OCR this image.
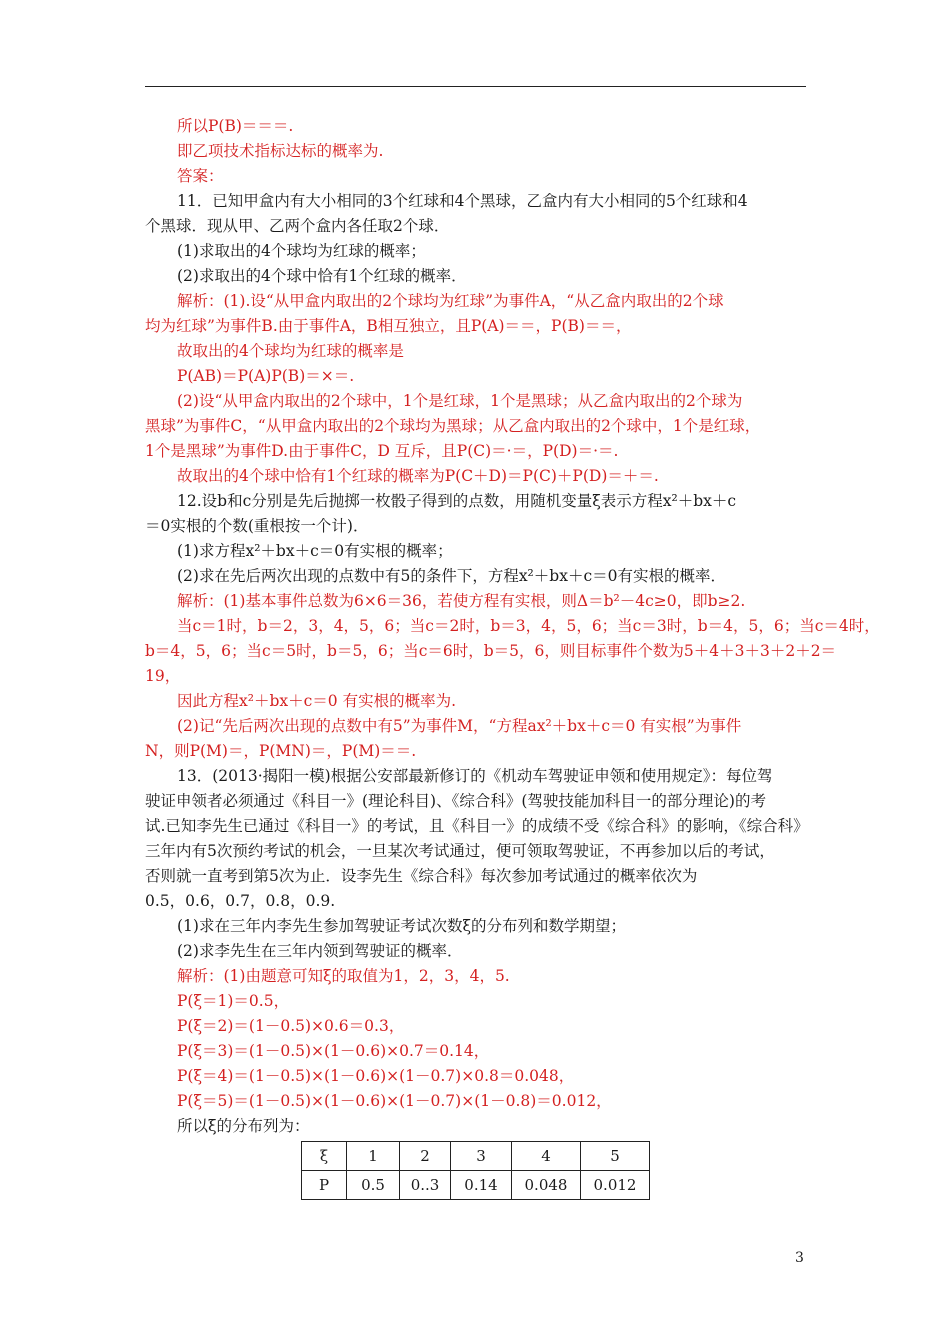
所以P(B)＝＝＝.
即乙项技术指标达标的概率为.
答案：
11．已知甲盒内有大小相同的3个红球和4个黑球，乙盒内有大小相同的5个红球和4
个黑球．现从甲、乙两个盒内各任取2个球．
(1)求取出的4个球均为红球的概率；
(2)求取出的4个球中恰有1个红球的概率．
解析：(1).设“从甲盒内取出的2个球均为红球”为事件A，“从乙盒内取出的2个球
均为红球”为事件B.由于事件A，B相互独立，且P(A)＝＝，P(B)＝＝，
故取出的4个球均为红球的概率是
P(AB)＝P(A)P(B)＝×＝.
(2)设“从甲盒内取出的2个球中，1个是红球，1个是黑球；从乙盒内取出的2个球为
黑球”为事件C，“从甲盒内取出的2个球均为黑球；从乙盒内取出的2个球中，1个是红球，
1个是黑球”为事件D.由于事件C，D 互斥，且P(C)＝·＝，P(D)＝·＝.
故取出的4个球中恰有1个红球的概率为P(C＋D)＝P(C)＋P(D)＝＋＝.
12.设b和c分别是先后抛掷一枚骰子得到的点数，用随机变量ξ表示方程x²＋bx＋c
＝0实根的个数(重根按一个计)．
(1)求方程x²＋bx＋c＝0有实根的概率；
(2)求在先后两次出现的点数中有5的条件下，方程x²＋bx＋c＝0有实根的概率．
解析：(1)基本事件总数为6×6＝36，若使方程有实根，则Δ＝b²－4c≥0，即b≥2.
当c＝1时，b＝2，3，4，5，6；当c＝2时，b＝3，4，5，6；当c＝3时，b＝4，5，6；当c＝4时，
b＝4，5，6；当c＝5时，b＝5，6；当c＝6时，b＝5，6，则目标事件个数为5＋4＋3＋3＋2＋2＝
19，
因此方程x²＋bx＋c＝0 有实根的概率为.
(2)记“先后两次出现的点数中有5”为事件M，“方程ax²＋bx＋c＝0 有实根”为事件
N，则P(M)＝，P(MN)＝，P(M)＝＝.
13．(2013·揭阳一模)根据公安部最新修订的《机动车驾驶证申领和使用规定》：每位驾
驶证申领者必须通过《科目一》(理论科目)、《综合科》(驾驶技能加科目一的部分理论)的考
试.已知李先生已通过《科目一》的考试，且《科目一》的成绩不受《综合科》的影响，《综合科》
三年内有5次预约考试的机会，一旦某次考试通过，便可领取驾驶证，不再参加以后的考试，
否则就一直考到第5次为止．设李先生《综合科》每次参加考试通过的概率依次为
0.5，0.6，0.7，0.8，0.9.
(1)求在三年内李先生参加驾驶证考试次数ξ的分布列和数学期望；
(2)求李先生在三年内领到驾驶证的概率．
解析：(1)由题意可知ξ的取值为1，2，3，4，5.
P(ξ＝1)＝0.5，
P(ξ＝2)＝(1－0.5)×0.6＝0.3，
P(ξ＝3)＝(1－0.5)×(1－0.6)×0.7＝0.14，
P(ξ＝4)＝(1－0.5)×(1－0.6)×(1－0.7)×0.8＝0.048，
P(ξ＝5)＝(1－0.5)×(1－0.6)×(1－0.7)×(1－0.8)＝0.012，
所以ξ的分布列为：
ξ	1	2	3	4	5
P	0.5	0..3	0.14	0.048	0.012
3
